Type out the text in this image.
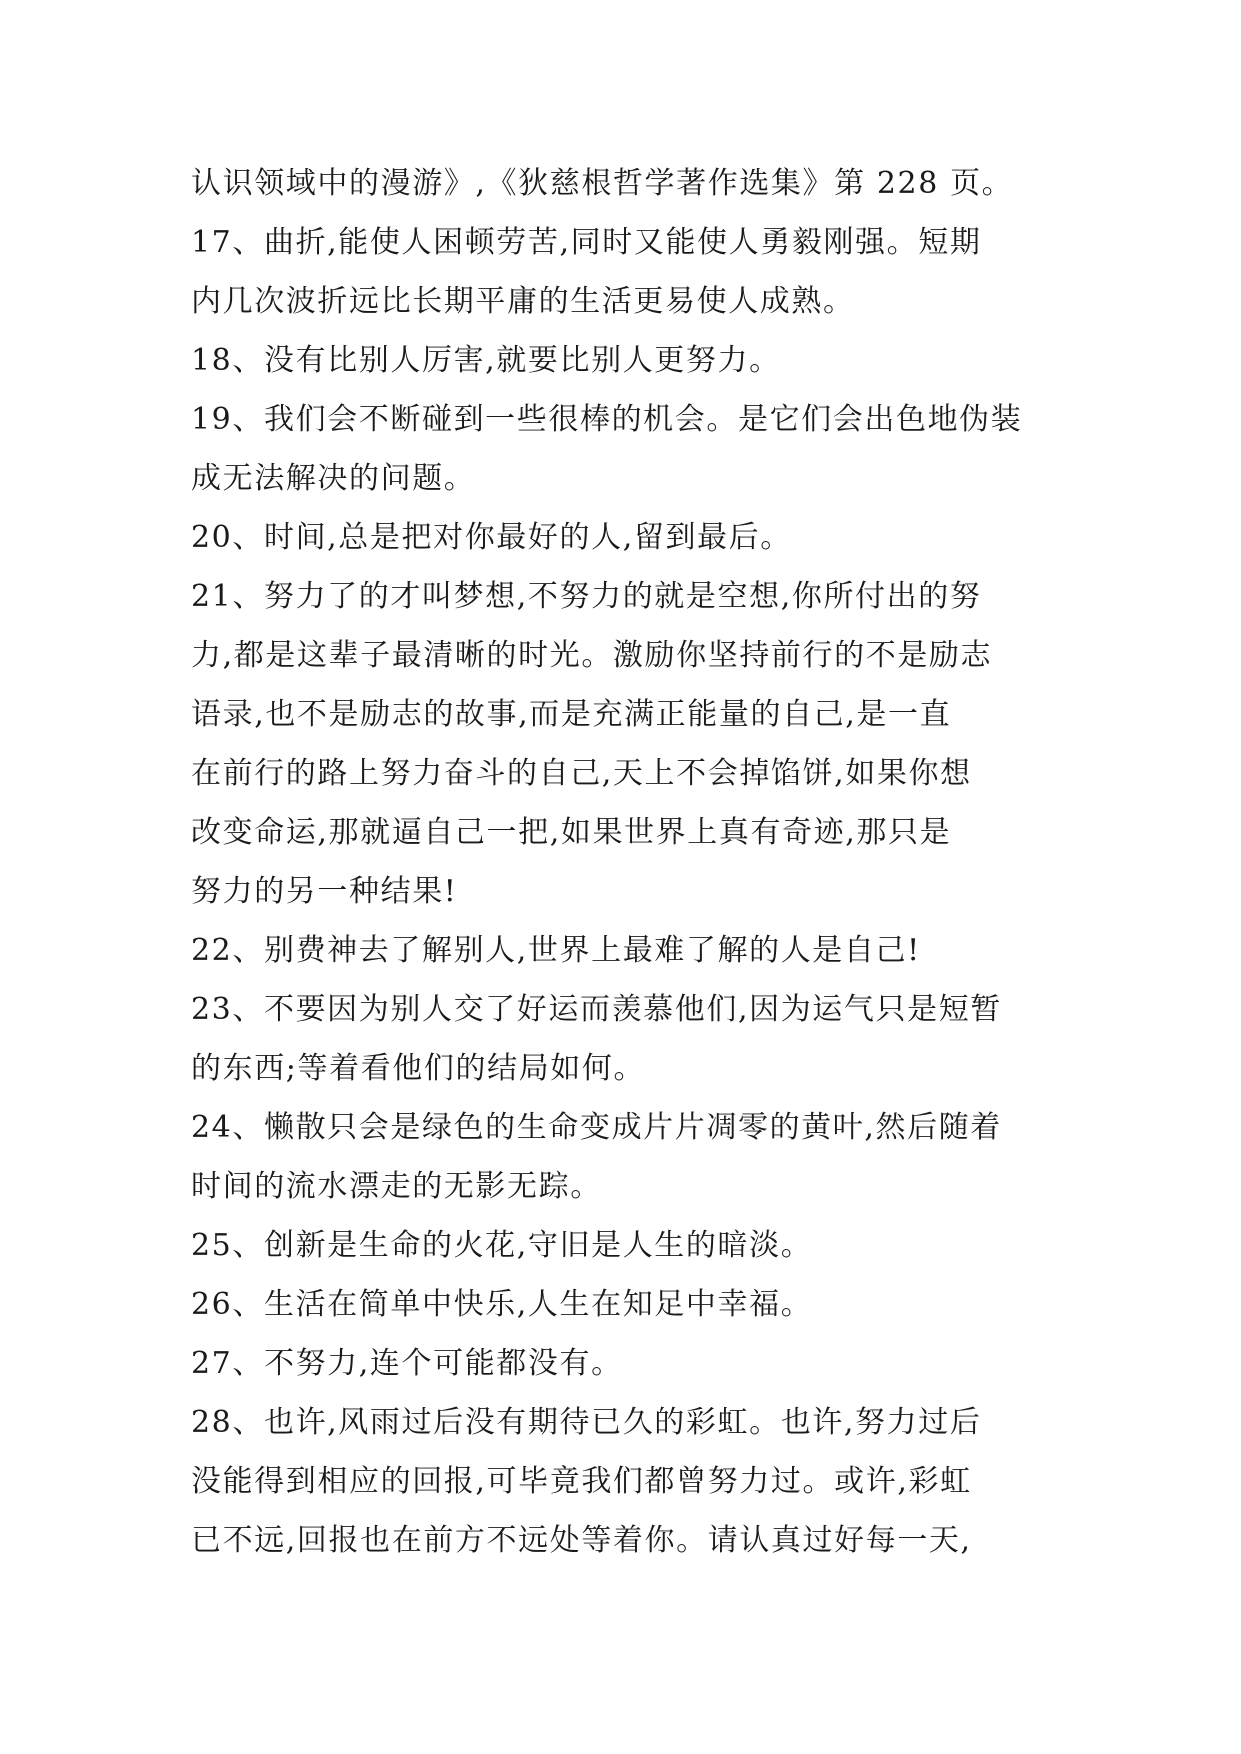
认识领域中的漫游》,《狄慈根哲学著作选集》第 228 页。
17、曲折,能使人困顿劳苦,同时又能使人勇毅刚强。短期
内几次波折远比长期平庸的生活更易使人成熟。
18、没有比别人厉害,就要比别人更努力。
19、我们会不断碰到一些很棒的机会。是它们会出色地伪装
成无法解决的问题。
20、时间,总是把对你最好的人,留到最后。
21、努力了的才叫梦想,不努力的就是空想,你所付出的努
力,都是这辈子最清晰的时光。激励你坚持前行的不是励志
语录,也不是励志的故事,而是充满正能量的自己,是一直
在前行的路上努力奋斗的自己,天上不会掉馅饼,如果你想
改变命运,那就逼自己一把,如果世界上真有奇迹,那只是
努力的另一种结果!
22、别费神去了解别人,世界上最难了解的人是自己!
23、不要因为别人交了好运而羡慕他们,因为运气只是短暂
的东西;等着看他们的结局如何。
24、懒散只会是绿色的生命变成片片凋零的黄叶,然后随着
时间的流水漂走的无影无踪。
25、创新是生命的火花,守旧是人生的暗淡。
26、生活在简单中快乐,人生在知足中幸福。
27、不努力,连个可能都没有。
28、也许,风雨过后没有期待已久的彩虹。也许,努力过后
没能得到相应的回报,可毕竟我们都曾努力过。或许,彩虹
已不远,回报也在前方不远处等着你。请认真过好每一天,
